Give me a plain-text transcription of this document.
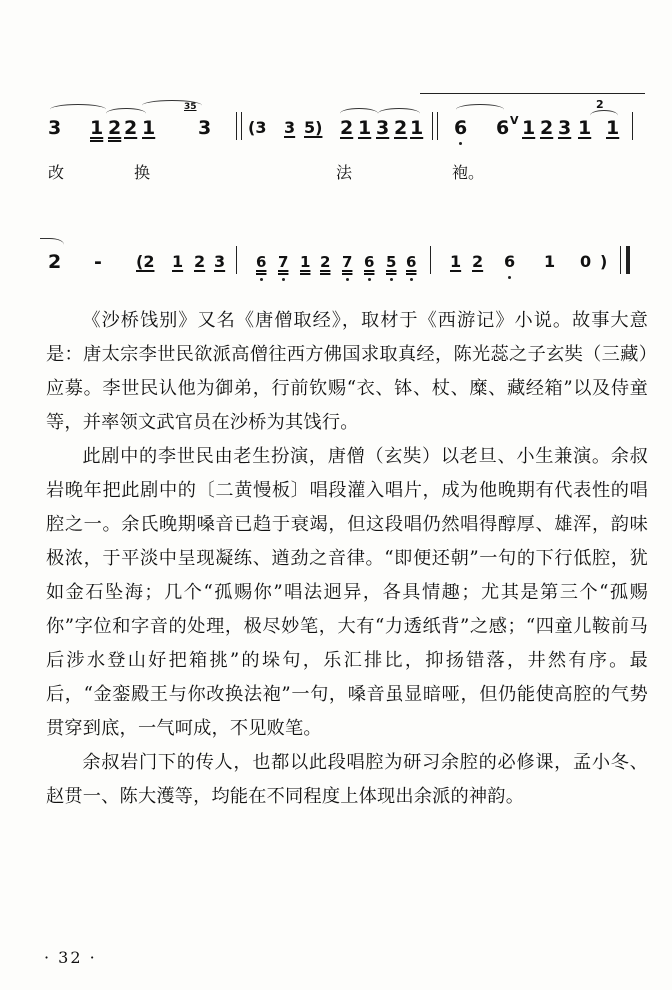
3 1 2 2 1
35
3 (3 3 5) 2 1 3 2 1 6 6 V 1 2 3 1
2
1
改	换	法	袍。
2 - (2 1 2 3 6 7 1 2 7 6 5 6 1 2 6 1 0 )

《沙桥饯别》又名《唐僧取经》，取材于《西游记》小说。故事大意是：唐太宗李世民欲派高僧往西方佛国求取真经，陈光蕊之子玄奘（三藏）应募。李世民认他为御弟，行前钦赐“衣、钵、杖、糜、藏经箱”以及侍童等，并率领文武官员在沙桥为其饯行。

此剧中的李世民由老生扮演，唐僧（玄奘）以老旦、小生兼演。余叔岩晚年把此剧中的〔二黄慢板〕唱段灌入唱片，成为他晚期有代表性的唱腔之一。余氏晚期嗓音已趋于衰竭，但这段唱仍然唱得醇厚、雄浑，韵味极浓，于平淡中呈现凝练、遒劲之音律。“即便还朝”一句的下行低腔，犹如金石坠海；几个“孤赐你”唱法迥异，各具情趣；尤其是第三个“孤赐你”字位和字音的处理，极尽妙笔，大有“力透纸背”之感；“四童儿鞍前马后涉水登山好把箱挑”的垛句，乐汇排比，抑扬错落，井然有序。最后，“金銮殿王与你改换法袍”一句，嗓音虽显暗哑，但仍能使高腔的气势贯穿到底，一气呵成，不见败笔。

余叔岩门下的传人，也都以此段唱腔为研习余腔的必修课，孟小冬、赵贯一、陈大濩等，均能在不同程度上体现出余派的神韵。

· 32 ·
